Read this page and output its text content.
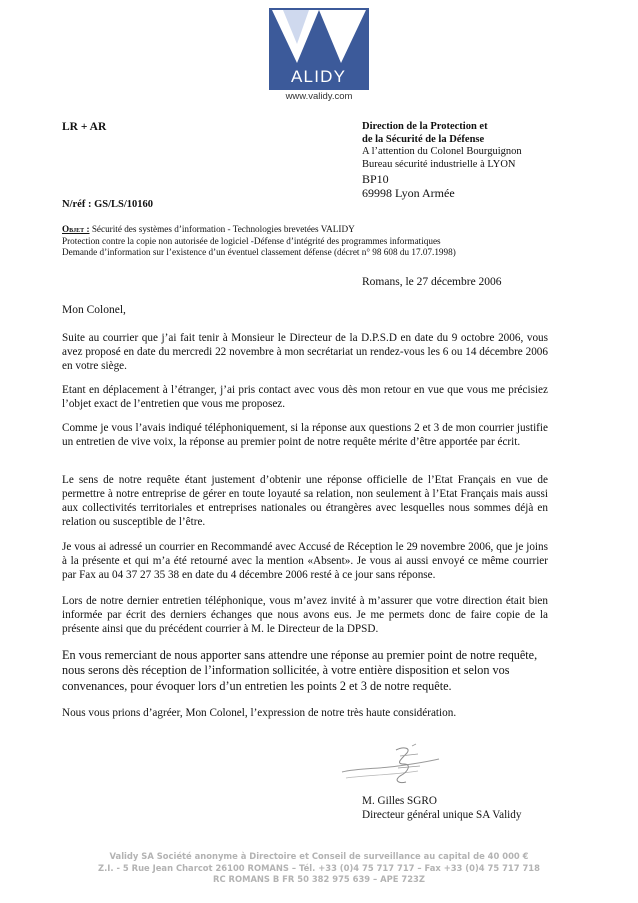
ALIDY
www.validy.com
LR + AR	Direction de la Protection et
de la Sécurité de la Défense
A l’attention du Colonel Bourguignon
Bureau sécurité industrielle à LYON
BP10
69998 Lyon Armée
N/réf : GS/LS/10160
Objet : Sécurité des systèmes d’information - Technologies brevetées VALIDY
Protection contre la copie non autorisée de logiciel -Défense d’intégrité des programmes informatiques
Demande d’information sur l’existence d’un éventuel classement défense (décret n° 98 608 du 17.07.1998)
Romans, le 27 décembre 2006
Mon Colonel,
Suite au courrier que j’ai fait tenir à Monsieur le Directeur de la D.P.S.D en date du 9 octobre 2006, vous avez proposé en date du mercredi 22 novembre à mon secrétariat un rendez-vous les 6 ou 14 décembre 2006 en votre siège.
Etant en déplacement à l’étranger, j’ai pris contact avec vous dès mon retour en vue que vous me précisiez l’objet exact de l’entretien que vous me proposez.
Comme je vous l’avais indiqué téléphoniquement, si la réponse aux questions 2 et 3 de mon courrier justifie un entretien de vive voix, la réponse au premier point de notre requête mérite d’être apportée par écrit.
Le sens de notre requête étant justement d’obtenir une réponse officielle de l’Etat Français en vue de permettre à notre entreprise de gérer en toute loyauté sa relation, non seulement à l’Etat Français mais aussi aux collectivités territoriales et entreprises nationales ou étrangères avec lesquelles nous sommes déjà en relation ou susceptible de l’être.
Je vous ai adressé un courrier en Recommandé avec Accusé de Réception le 29 novembre 2006, que je joins à la présente et qui m’a été retourné avec la mention «Absent». Je vous ai aussi envoyé ce même courrier par Fax au 04 37 27 35 38 en date du 4 décembre 2006 resté à ce jour sans réponse.
Lors de notre dernier entretien téléphonique, vous m’avez invité à m’assurer que votre direction était bien informée par écrit des derniers échanges que nous avons eus. Je me permets donc de faire copie de la présente ainsi que du précédent courrier à M. le Directeur de la DPSD.
En vous remerciant de nous apporter sans attendre une réponse au premier point de notre requête, nous serons dès réception de l’information sollicitée, à votre entière disposition et selon vos convenances, pour évoquer lors d’un entretien les points 2 et 3 de notre requête.
Nous vous prions d’agréer, Mon Colonel, l’expression de notre très haute considération.
M. Gilles SGRO
Directeur général unique SA Validy
Validy SA Société anonyme à Directoire et Conseil de surveillance au capital de 40 000 €
Z.I. - 5 Rue Jean Charcot 26100 ROMANS – Tél. +33 (0)4 75 717 717 – Fax +33 (0)4 75 717 718
RC ROMANS B FR 50 382 975 639 – APE 723Z
